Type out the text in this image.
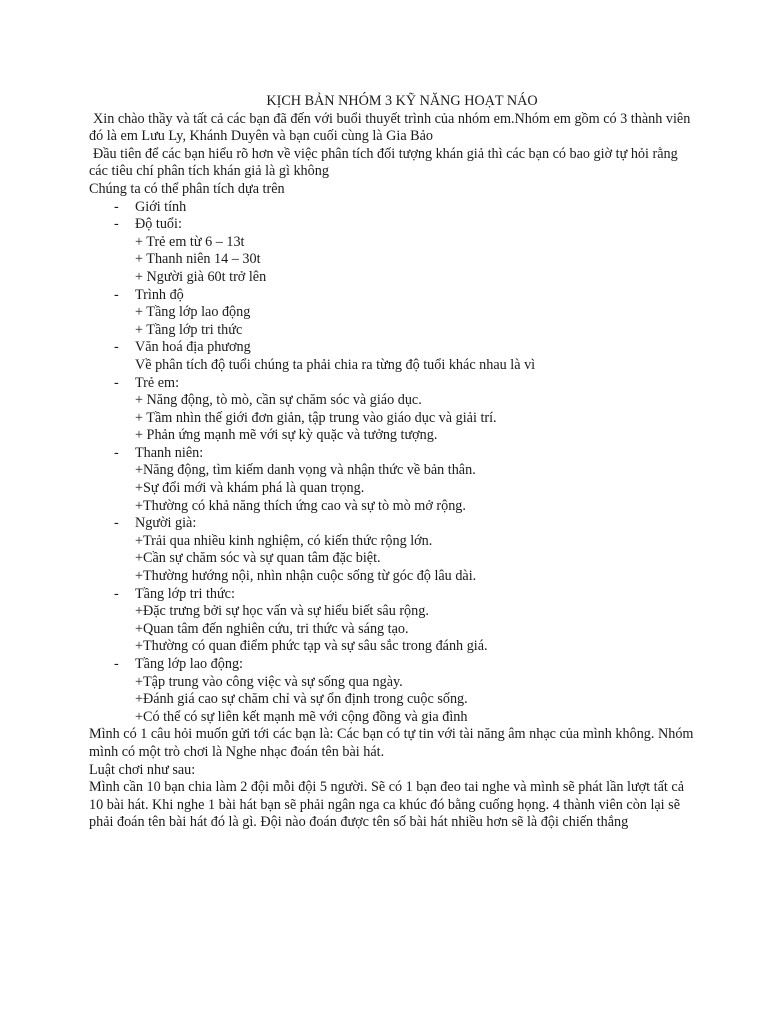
KỊCH BẢN NHÓM 3 KỸ NĂNG HOẠT NÁO

Xin chào thầy và tất cả các bạn đã đến với buổi thuyết trình của nhóm em.Nhóm em gồm có 3 thành viên đó là em Lưu Ly, Khánh Duyên và bạn cuối cùng là Gia Bảo

Đầu tiên để các bạn hiểu rõ hơn về việc phân tích đối tượng khán giả thì các bạn có bao giờ tự hỏi rằng các tiêu chí phân tích khán giả là gì không

Chúng ta có thể phân tích dựa trên

- Giới tính
- Độ tuổi:
+ Trẻ em từ 6 – 13t
+ Thanh niên 14 – 30t
+ Người già 60t trở lên
- Trình độ
+ Tầng lớp lao động
+ Tầng lớp tri thức
- Văn hoá địa phương
Về phân tích độ tuổi chúng ta phải chia ra từng độ tuổi khác nhau là vì
- Trẻ em:
+ Năng động, tò mò, cần sự chăm sóc và giáo dục.
+ Tầm nhìn thế giới đơn giản, tập trung vào giáo dục và giải trí.
+ Phản ứng mạnh mẽ với sự kỳ quặc và tưởng tượng.
- Thanh niên:
+Năng động, tìm kiếm danh vọng và nhận thức về bản thân.
+Sự đổi mới và khám phá là quan trọng.
+Thường có khả năng thích ứng cao và sự tò mò mở rộng.
- Người già:
+Trải qua nhiều kinh nghiệm, có kiến thức rộng lớn.
+Cần sự chăm sóc và sự quan tâm đặc biệt.
+Thường hướng nội, nhìn nhận cuộc sống từ góc độ lâu dài.
- Tầng lớp tri thức:
+Đặc trưng bởi sự học vấn và sự hiểu biết sâu rộng.
+Quan tâm đến nghiên cứu, tri thức và sáng tạo.
+Thường có quan điểm phức tạp và sự sâu sắc trong đánh giá.
- Tầng lớp lao động:
+Tập trung vào công việc và sự sống qua ngày.
+Đánh giá cao sự chăm chỉ và sự ổn định trong cuộc sống.
+Có thể có sự liên kết mạnh mẽ với cộng đồng và gia đình

Mình có 1 câu hỏi muốn gửi tới các bạn là: Các bạn có tự tin với tài năng âm nhạc của mình không. Nhóm mình có một trò chơi là Nghe nhạc đoán tên bài hát.

Luật chơi như sau:

Mình cần 10 bạn chia làm 2 đội mỗi đội 5 người. Sẽ có 1 bạn đeo tai nghe và mình sẽ phát lần lượt tất cả 10 bài hát. Khi nghe 1 bài hát bạn sẽ phải ngân nga ca khúc đó bằng cuống họng. 4 thành viên còn lại sẽ phải đoán tên bài hát đó là gì. Đội nào đoán được tên số bài hát nhiều hơn sẽ là đội chiến thắng
